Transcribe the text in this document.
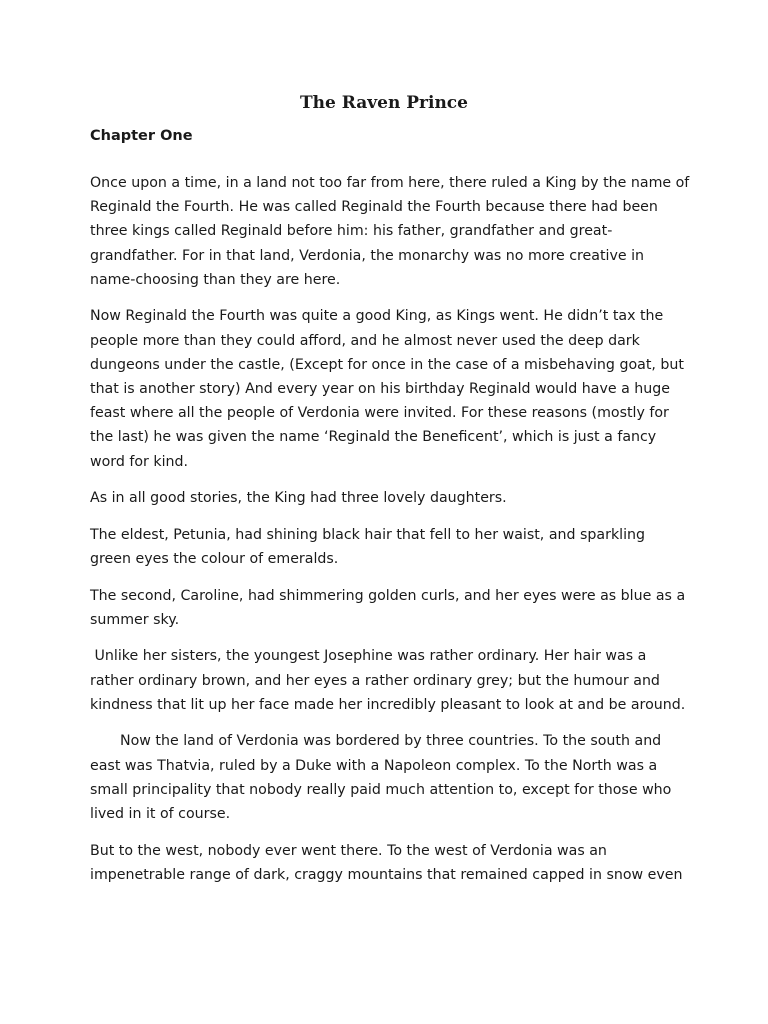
The Raven Prince
Chapter One

Once upon a time, in a land not too far from here, there ruled a King by the name of Reginald the Fourth. He was called Reginald the Fourth because there had been three kings called Reginald before him: his father, grandfather and great-grandfather. For in that land, Verdonia, the monarchy was no more creative in name-choosing than they are here.

Now Reginald the Fourth was quite a good King, as Kings went. He didn’t tax the people more than they could afford, and he almost never used the deep dark dungeons under the castle, (Except for once in the case of a misbehaving goat, but that is another story) And every year on his birthday Reginald would have a huge feast where all the people of Verdonia were invited. For these reasons (mostly for the last) he was given the name ‘Reginald the Beneficent’, which is just a fancy word for kind.

As in all good stories, the King had three lovely daughters.

The eldest, Petunia, had shining black hair that fell to her waist, and sparkling green eyes the colour of emeralds.

The second, Caroline, had shimmering golden curls, and her eyes were as blue as a summer sky.

Unlike her sisters, the youngest Josephine was rather ordinary. Her hair was a rather ordinary brown, and her eyes a rather ordinary grey; but the humour and kindness that lit up her face made her incredibly pleasant to look at and be around.

Now the land of Verdonia was bordered by three countries. To the south and east was Thatvia, ruled by a Duke with a Napoleon complex. To the North was a small principality that nobody really paid much attention to, except for those who lived in it of course.

But to the west, nobody ever went there. To the west of Verdonia was an impenetrable range of dark, craggy mountains that remained capped in snow even
